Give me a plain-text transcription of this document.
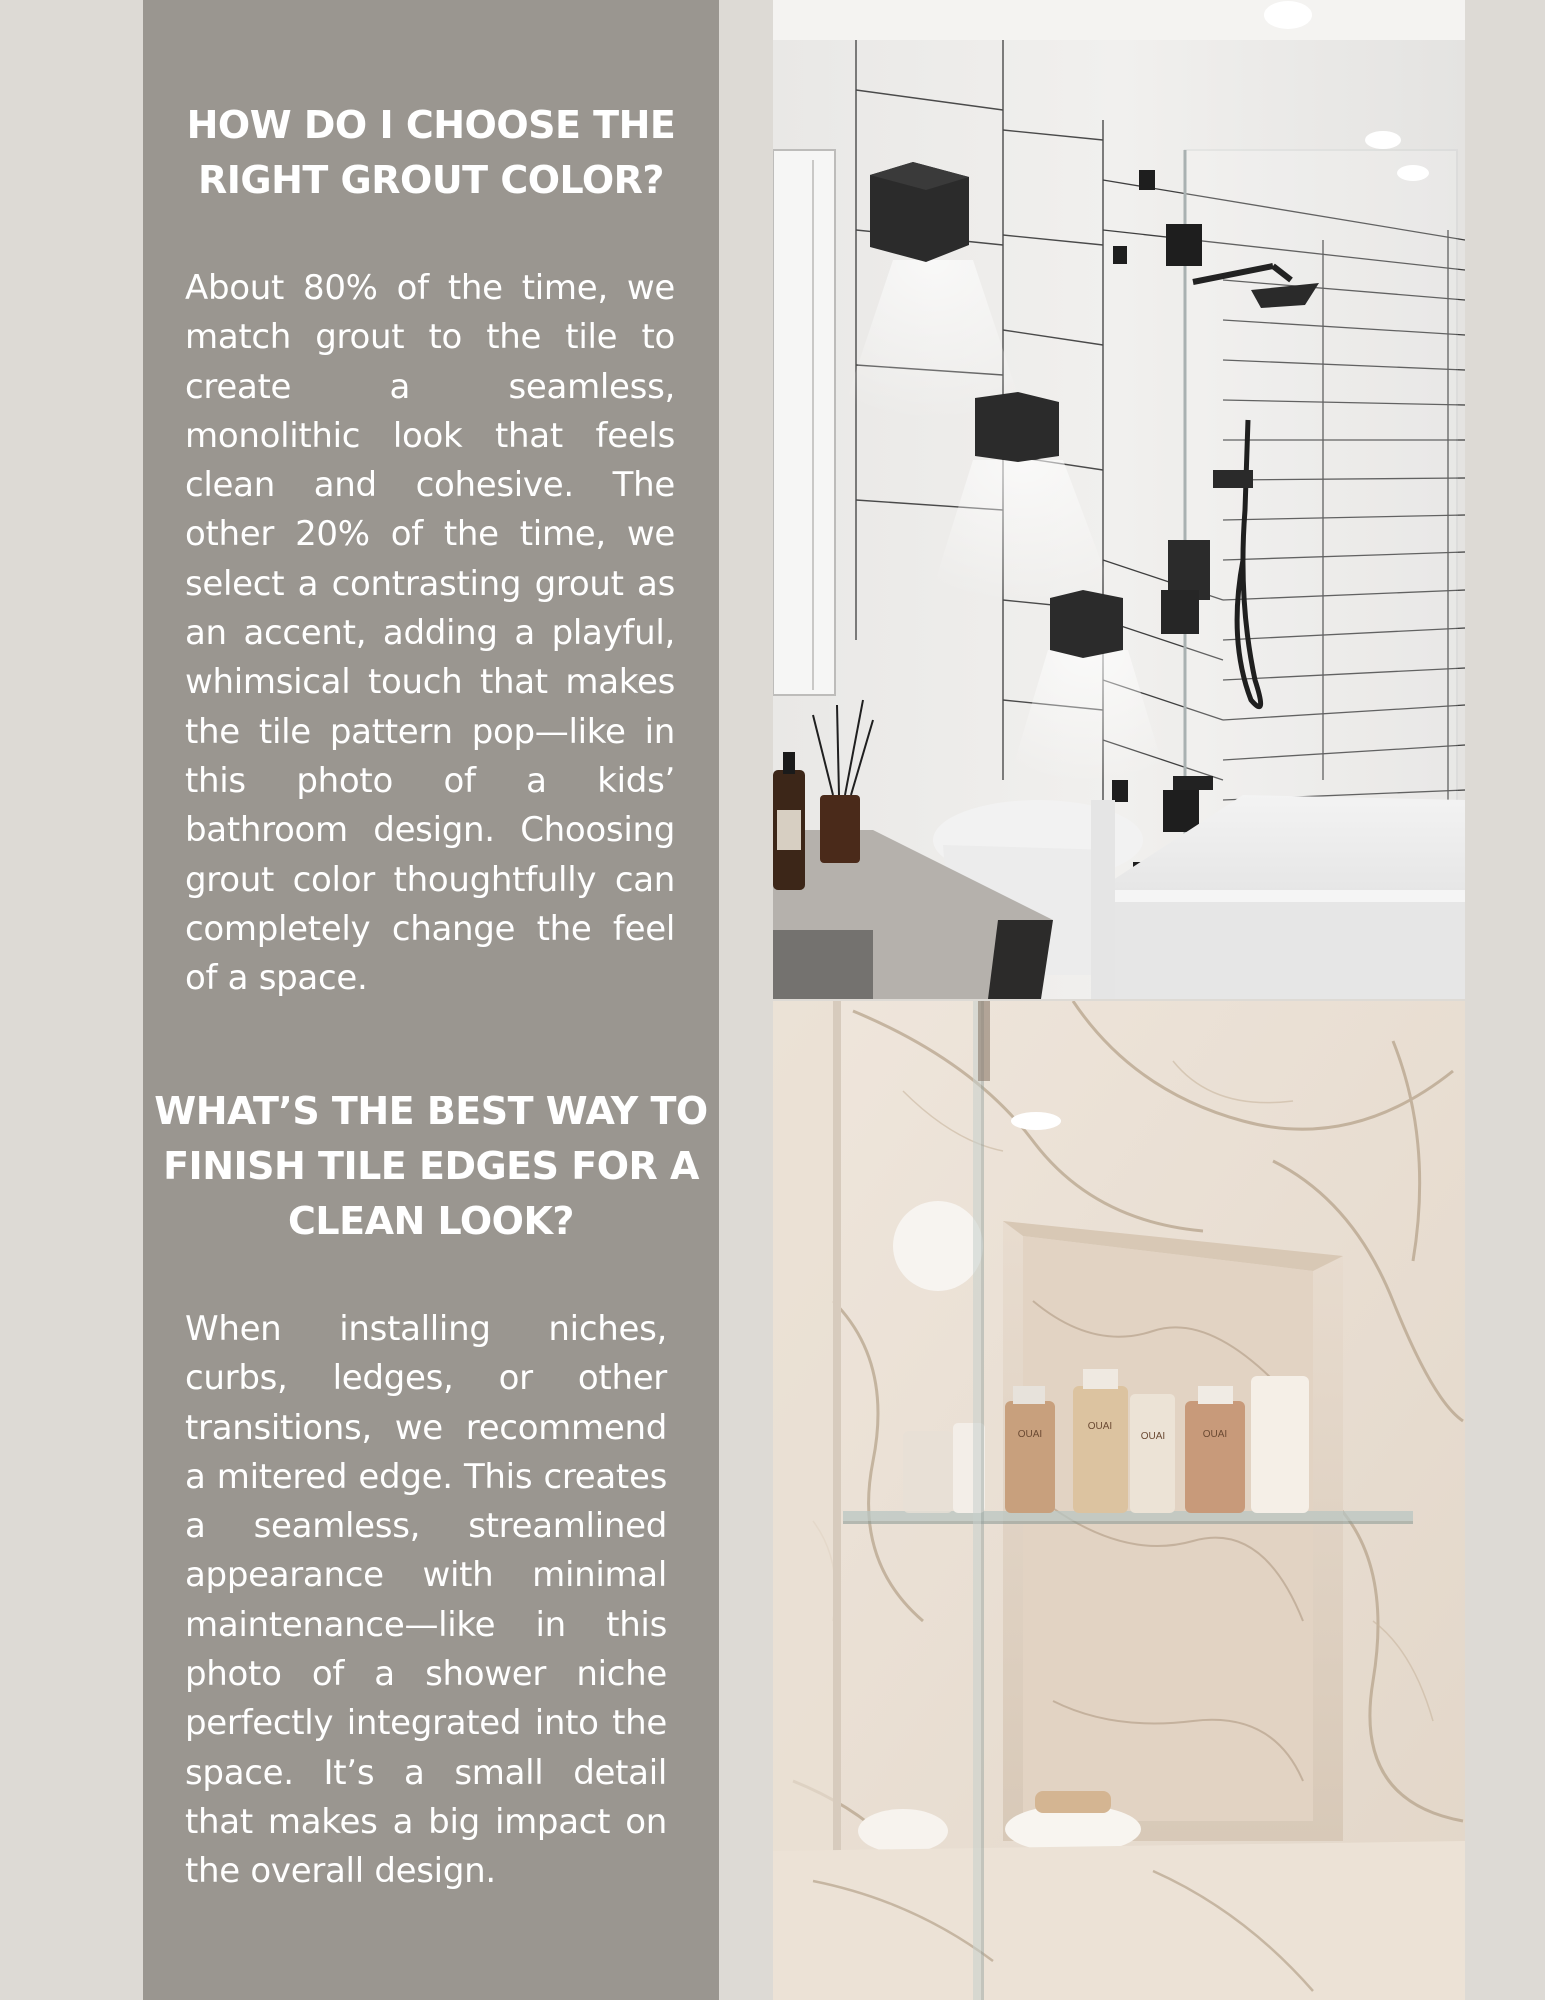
HOW DO I CHOOSE THE RIGHT GROUT COLOR?

About 80% of the time, we match grout to the tile to create a seamless, monolithic look that feels clean and cohesive. The other 20% of the time, we select a contrasting grout as an accent, adding a playful, whimsical touch that makes the tile pattern pop—like in this photo of a kids’ bathroom design. Choosing grout color thoughtfully can completely change the feel of a space.

WHAT’S THE BEST WAY TO FINISH TILE EDGES FOR A CLEAN LOOK?

When installing niches, curbs, ledges, or other transitions, we recommend a mitered edge. This creates a seamless, streamlined appearance with minimal maintenance—like in this photo of a shower niche perfectly integrated into the space. It’s a small detail that makes a big impact on the overall design.

OUAI
OUAI
OUAI	OUAI
